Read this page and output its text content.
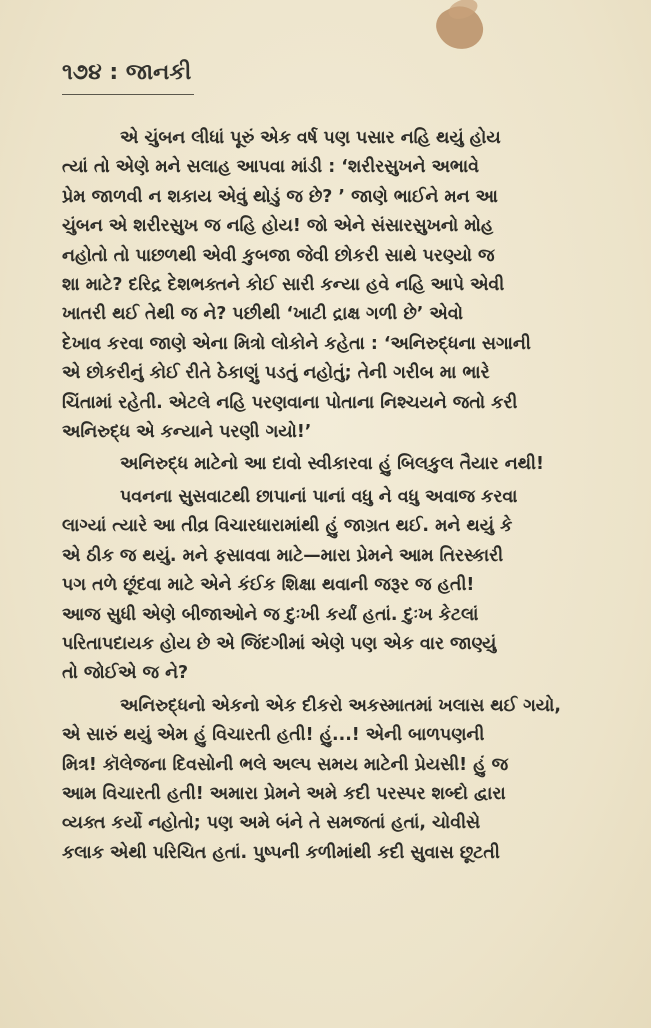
૧૭૪ : જાનકી

એ ચુંબન લીધાં પૂરું એક વર્ષ પણ પસાર નહિ થયું હોય
ત્યાં તો એણે મને સલાહ આપવા માંડી : ‘શરીરસુખને અભાવે
પ્રેમ જાળવી ન શકાય એવું થોડું જ છે? ’ જાણે ભાઈને મન આ
ચુંબન એ શરીરસુખ જ નહિ હોય! જો એને સંસારસુખનો મોહ
નહોતો તો પાછળથી એવી કુબજા જેવી છોકરી સાથે પરણ્યો જ
શા માટે? દરિદ્ર દેશભક્તને કોઈ સારી કન્યા હવે નહિ આપે એવી
ખાતરી થઈ તેથી જ ને? પછીથી ‘ખાટી દ્રાક્ષ ગળી છે’ એવો
દેખાવ કરવા જાણે એના મિત્રો લોકોને કહેતા : ‘અનિરુદ્ધના સગાની
એ છોકરીનું કોઈ રીતે ઠેકાણું પડતું નહોતું; તેની ગરીબ મા ભારે
ચિંતામાં રહેતી. એટલે નહિ પરણવાના પોતાના નિશ્ચયને જતો કરી
અનિરુદ્ધ એ કન્યાને પરણી ગયો!’

અનિરુદ્ધ માટેનો આ દાવો સ્વીકારવા હું બિલકુલ તૈયાર નથી!

પવનના સુસવાટથી છાપાનાં પાનાં વધુ ને વધુ અવાજ કરવા
લાગ્યાં ત્યારે આ તીવ્ર વિચારધારામાંથી હું જાગ્રત થઈ. મને થયું કે
એ ઠીક જ થયું. મને ફસાવવા માટે—મારા પ્રેમને આમ તિરસ્કારી
પગ તળે છૂંદવા માટે એને કંઈક શિક્ષા થવાની જરૂર જ હતી!
આજ સુધી એણે બીજાઓને જ દુઃખી કર્યાં હતાં. દુઃખ કેટલાં
પરિતાપદાયક હોય છે એ જિંદગીમાં એણે પણ એક વાર જાણ્યું
તો જોઈએ જ ને?

અનિરુદ્ધનો એકનો એક દીકરો અકસ્માતમાં ખલાસ થઈ ગયો,
એ સારું થયું એમ હું વિચારતી હતી! હું...! એની બાળપણની
મિત્ર! કૉલેજના દિવસોની ભલે અલ્પ સમય માટેની પ્રેયસી! હું જ
આમ વિચારતી હતી! અમારા પ્રેમને અમે કદી પરસ્પર શબ્દો દ્વારા
વ્યક્ત કર્યો નહોતો; પણ અમે બંને તે સમજતાં હતાં, ચોવીસે
કલાક એથી પરિચિત હતાં. પુષ્પની કળીમાંથી કદી સુવાસ છૂટતી
